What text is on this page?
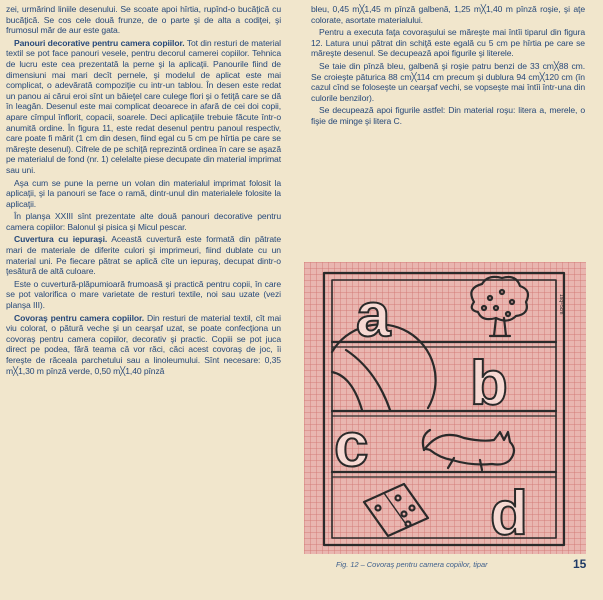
zei, urmărind liniile desenului. Se scoate apoi hîrtia, rupînd-o bucăţică cu bucăţică. Se cos cele două frunze, de o parte şi de alta a codiţei, şi frumosul măr de aur este gata.

Panouri decorative pentru camera copiilor. Tot din resturi de material textil se pot face panouri vesele, pentru decorul camerei copiilor. Tehnica de lucru este cea prezentată la perne şi la aplicaţii. Panourile fiind de dimensiuni mai mari decît pernele, şi modelul de aplicat este mai complicat, o adevărată compoziţie cu intr-un tablou. În desen este redat un panou ai cărui eroi sînt un băieţel care culege flori şi o fetiţă care se dă în leagăn. Desenul este mai complicat deoarece in afară de cei doi copii, apare cîmpul înflorit, copacii, soarele. Deci aplicaţiile trebuie făcute într-o anumită ordine. În figura 11, este redat desenul pentru panoul respectiv, care poate fi mărit (1 cm din desen, fiind egal cu 5 cm pe hîrtia pe care se măreşte desenul). Cifrele de pe schiţă reprezintă ordinea în care se aşază pe materialul de fond (nr. 1) celelalte piese decupate din material imprimat sau uni.

Aşa cum se pune la perne un volan din materialul imprimat folosit la aplicaţii, şi la panouri se face o ramă, dintr-unul din materialele folosite la aplicaţii.

În planşa XXIII sînt prezentate alte două panouri decorative pentru camera copiilor: Balonul şi pisica şi Micul pescar.

Cuvertura cu iepuraşi. Această cuvertură este formată din pătrate mari de materiale de diferite culori şi imprimeuri, fiind dublate cu un material uni. Pe fiecare pătrat se aplică cîte un iepuraş, decupat dintr-o ţesătură de altă culoare.

Este o cuvertură-plăpumioară frumoasă şi practică pentru copii, în care se pot valorifica o mare varietate de resturi textile, noi sau uzate (vezi planşa III).

Covoraş pentru camera copiilor. Din resturi de material textil, cît mai viu colorat, o pătură veche şi un cearşaf uzat, se poate confecţiona un covoraş pentru camera copiilor, decorativ şi practic. Copiii se pot juca direct pe podea, fără teama că vor răci, căci acest covoraş de joc, îi fereşte de răceala parchetului sau a linoleumului. Sînt necesare: 0,35 m╳1,30 m pînză verde, 0,50 m╳1,40 pînză

bleu, 0,45 m╳1,45 m pînză galbenă, 1,25 m╳1,40 m pînză roşie, şi aţe colorate, asortate materialului.

Pentru a executa faţa covoraşului se măreşte mai întîi tiparul din figura 12. Latura unui pătrat din schiţă este egală cu 5 cm pe hîrtia pe care se măreşte desenul. Se decupează apoi figurile şi literele.

Se taie din pînză bleu, galbenă şi roşie patru benzi de 33 cm╳88 cm. Se croieşte păturica 88 cm╳114 cm precum şi dublura 94 cm╳120 cm (în cazul cînd se foloseşte un cearşaf vechi, se vopseşte mai întîi într-una din culorile benzilor).

Se decupează apoi figurile astfel: Din material roşu: litera a, merele, o fişie de minge şi litera C.

a
b
c
d
1sq=5cm
Fig. 12 – Covoraş pentru camera copiilor, tipar	15
